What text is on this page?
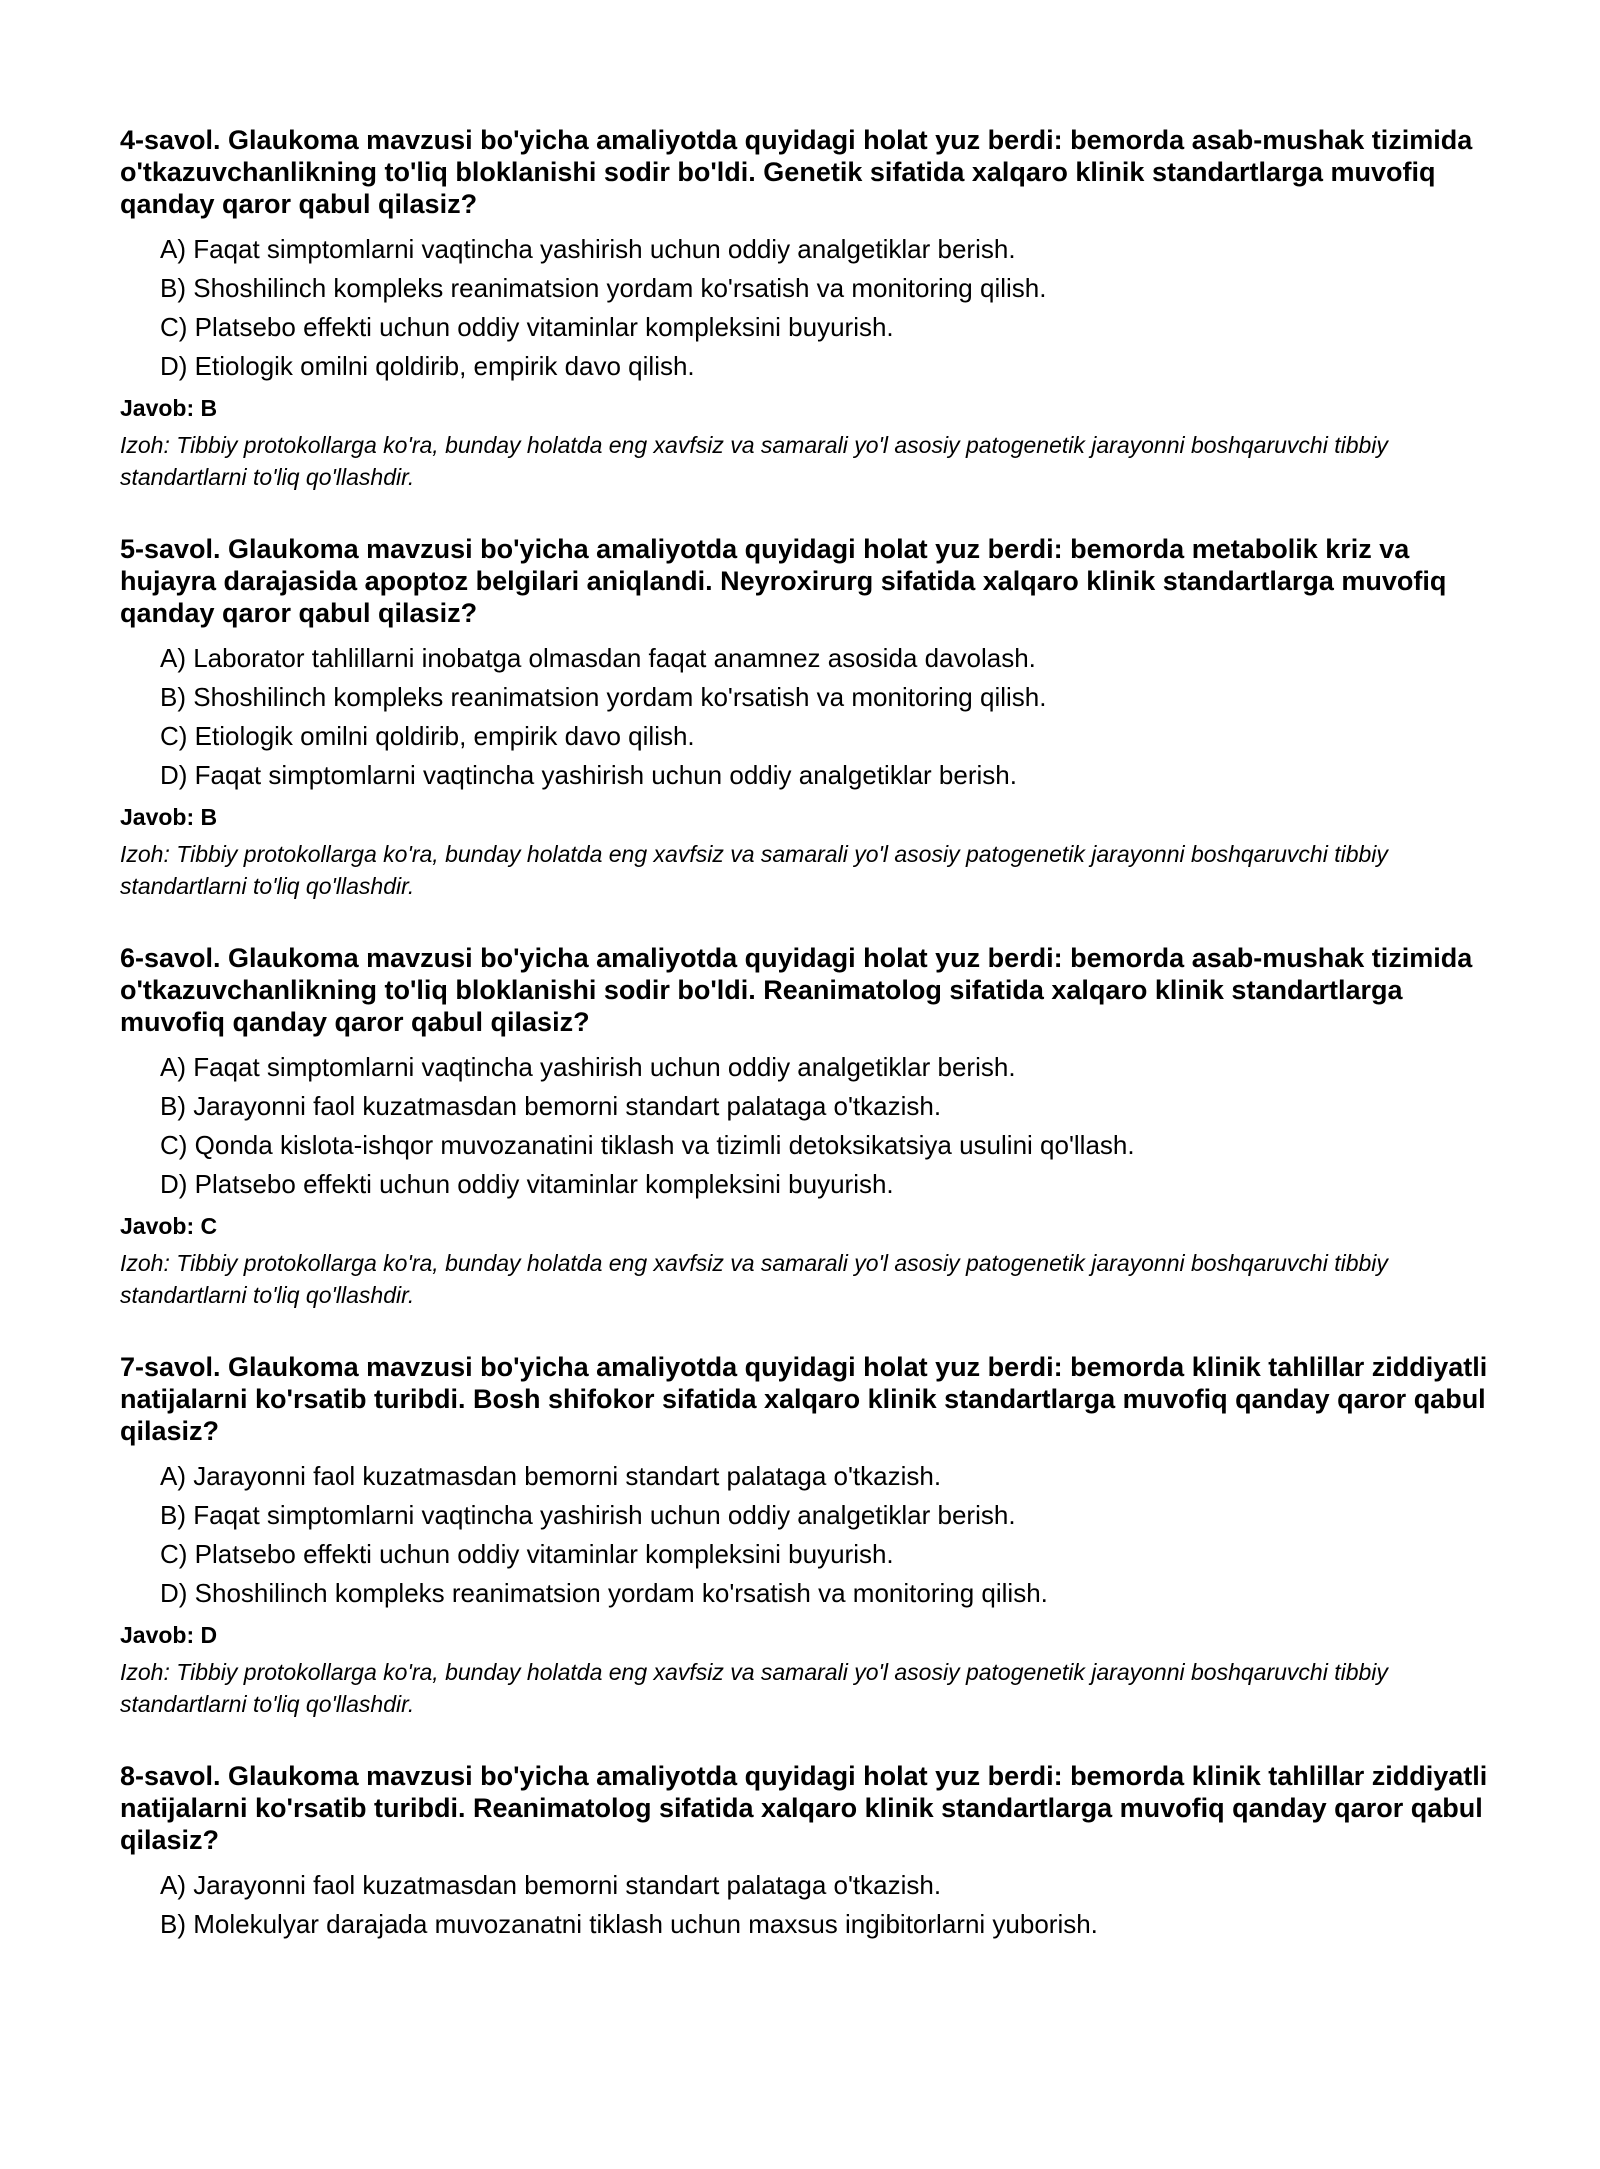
4-savol. Glaukoma mavzusi bo'yicha amaliyotda quyidagi holat yuz berdi: bemorda asab-mushak tizimida o'tkazuvchanlikning to'liq bloklanishi sodir bo'ldi. Genetik sifatida xalqaro klinik standartlarga muvofiq qanday qaror qabul qilasiz?

A) Faqat simptomlarni vaqtincha yashirish uchun oddiy analgetiklar berish.
B) Shoshilinch kompleks reanimatsion yordam ko'rsatish va monitoring qilish.
C) Platsebo effekti uchun oddiy vitaminlar kompleksini buyurish.
D) Etiologik omilni qoldirib, empirik davo qilish.

Javob: B

Izoh: Tibbiy protokollarga ko'ra, bunday holatda eng xavfsiz va samarali yo'l asosiy patogenetik jarayonni boshqaruvchi tibbiy standartlarni to'liq qo'llashdir.

5-savol. Glaukoma mavzusi bo'yicha amaliyotda quyidagi holat yuz berdi: bemorda metabolik kriz va hujayra darajasida apoptoz belgilari aniqlandi. Neyroxirurg sifatida xalqaro klinik standartlarga muvofiq qanday qaror qabul qilasiz?

A) Laborator tahlillarni inobatga olmasdan faqat anamnez asosida davolash.
B) Shoshilinch kompleks reanimatsion yordam ko'rsatish va monitoring qilish.
C) Etiologik omilni qoldirib, empirik davo qilish.
D) Faqat simptomlarni vaqtincha yashirish uchun oddiy analgetiklar berish.

Javob: B

Izoh: Tibbiy protokollarga ko'ra, bunday holatda eng xavfsiz va samarali yo'l asosiy patogenetik jarayonni boshqaruvchi tibbiy standartlarni to'liq qo'llashdir.

6-savol. Glaukoma mavzusi bo'yicha amaliyotda quyidagi holat yuz berdi: bemorda asab-mushak tizimida o'tkazuvchanlikning to'liq bloklanishi sodir bo'ldi. Reanimatolog sifatida xalqaro klinik standartlarga muvofiq qanday qaror qabul qilasiz?

A) Faqat simptomlarni vaqtincha yashirish uchun oddiy analgetiklar berish.
B) Jarayonni faol kuzatmasdan bemorni standart palataga o'tkazish.
C) Qonda kislota-ishqor muvozanatini tiklash va tizimli detoksikatsiya usulini qo'llash.
D) Platsebo effekti uchun oddiy vitaminlar kompleksini buyurish.

Javob: C

Izoh: Tibbiy protokollarga ko'ra, bunday holatda eng xavfsiz va samarali yo'l asosiy patogenetik jarayonni boshqaruvchi tibbiy standartlarni to'liq qo'llashdir.

7-savol. Glaukoma mavzusi bo'yicha amaliyotda quyidagi holat yuz berdi: bemorda klinik tahlillar ziddiyatli natijalarni ko'rsatib turibdi. Bosh shifokor sifatida xalqaro klinik standartlarga muvofiq qanday qaror qabul qilasiz?

A) Jarayonni faol kuzatmasdan bemorni standart palataga o'tkazish.
B) Faqat simptomlarni vaqtincha yashirish uchun oddiy analgetiklar berish.
C) Platsebo effekti uchun oddiy vitaminlar kompleksini buyurish.
D) Shoshilinch kompleks reanimatsion yordam ko'rsatish va monitoring qilish.

Javob: D

Izoh: Tibbiy protokollarga ko'ra, bunday holatda eng xavfsiz va samarali yo'l asosiy patogenetik jarayonni boshqaruvchi tibbiy standartlarni to'liq qo'llashdir.

8-savol. Glaukoma mavzusi bo'yicha amaliyotda quyidagi holat yuz berdi: bemorda klinik tahlillar ziddiyatli natijalarni ko'rsatib turibdi. Reanimatolog sifatida xalqaro klinik standartlarga muvofiq qanday qaror qabul qilasiz?

A) Jarayonni faol kuzatmasdan bemorni standart palataga o'tkazish.
B) Molekulyar darajada muvozanatni tiklash uchun maxsus ingibitorlarni yuborish.
